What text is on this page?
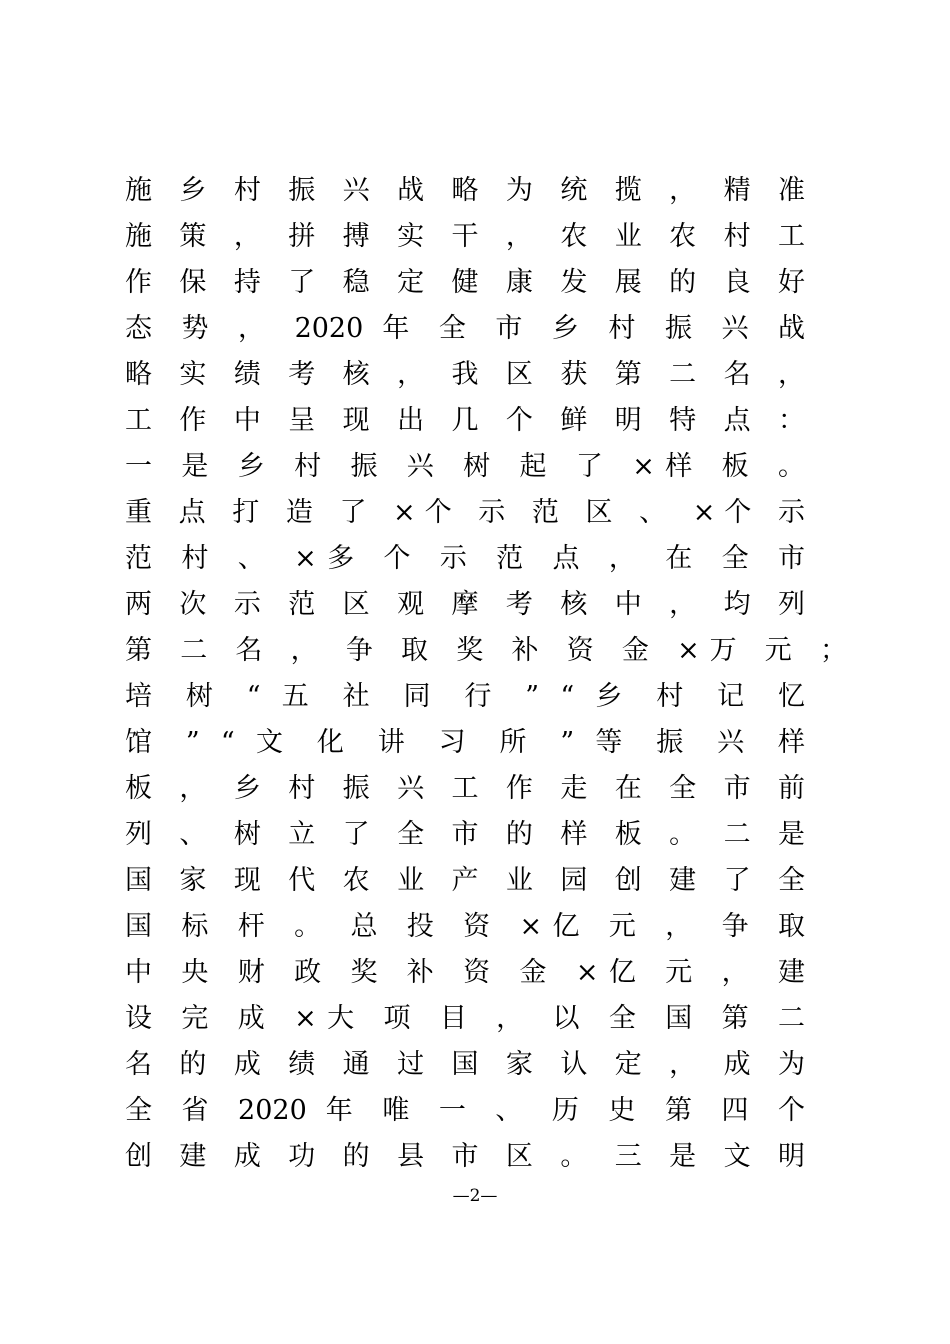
施 乡 村 振 兴 战 略 为 统 揽 ， 精 准
施 策 ， 拼 搏 实 干 ， 农 业 农 村 工
作 保 持 了 稳 定 健 康 发 展 的 良 好
态 势 ， 2020 年 全 市 乡 村 振 兴 战
略 实 绩 考 核 ， 我 区 获 第 二 名 ，
工 作 中 呈 现 出 几 个 鲜 明 特 点 ：
一 是 乡 村 振 兴 树 起 了 ×样 板 。
重 点 打 造 了 ×个 示 范 区 、 ×个 示
范 村 、 ×多 个 示 范 点 ， 在 全 市
两 次 示 范 区 观 摩 考 核 中 ， 均 列
第 二 名 ， 争 取 奖 补 资 金 ×万 元 ；
培 树 “ 五 社 同 行 ” “ 乡 村 记 忆
馆 ” “ 文 化 讲 习 所 ” 等 振 兴 样
板 ， 乡 村 振 兴 工 作 走 在 全 市 前
列 、 树 立 了 全 市 的 样 板 。 二 是
国 家 现 代 农 业 产 业 园 创 建 了 全
国 标 杆 。 总 投 资 ×亿 元 ， 争 取
中 央 财 政 奖 补 资 金 ×亿 元 ， 建
设 完 成 ×大 项 目 ， 以 全 国 第 二
名 的 成 绩 通 过 国 家 认 定 ， 成 为
全 省 2020 年 唯 一 、 历 史 第 四 个
创 建 成 功 的 县 市 区 。 三 是 文 明
—2—
